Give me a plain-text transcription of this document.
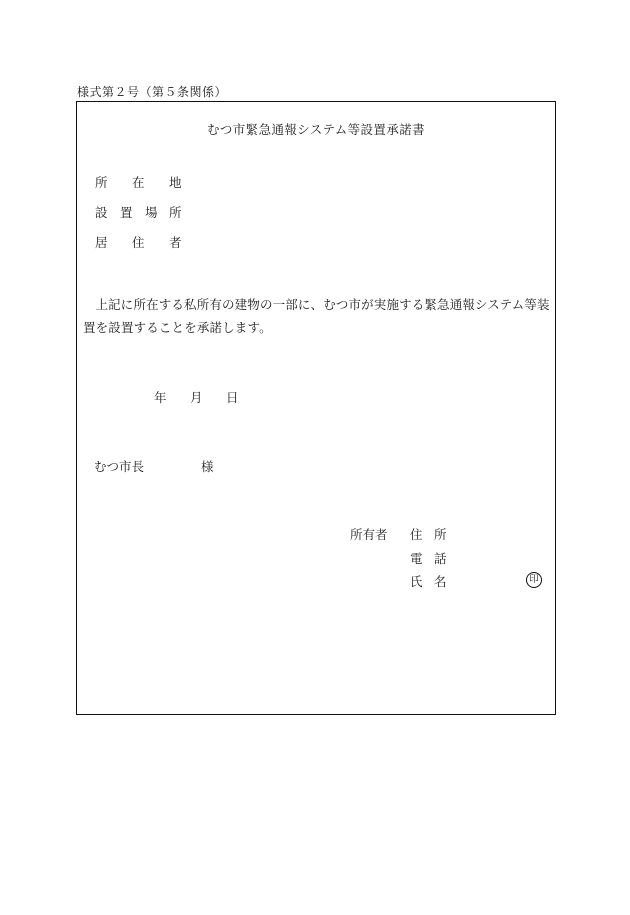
様式第２号（第５条関係）
むつ市緊急通報システム等設置承諾書
所 在 地
設 置 場 所
居 住 者
上記に所在する私所有の建物の一部に、むつ市が実施する緊急通報システム等装置を設置することを承諾します。
年 月 日
むつ市長	様
所有者 住 所
電 話
氏 名	印
